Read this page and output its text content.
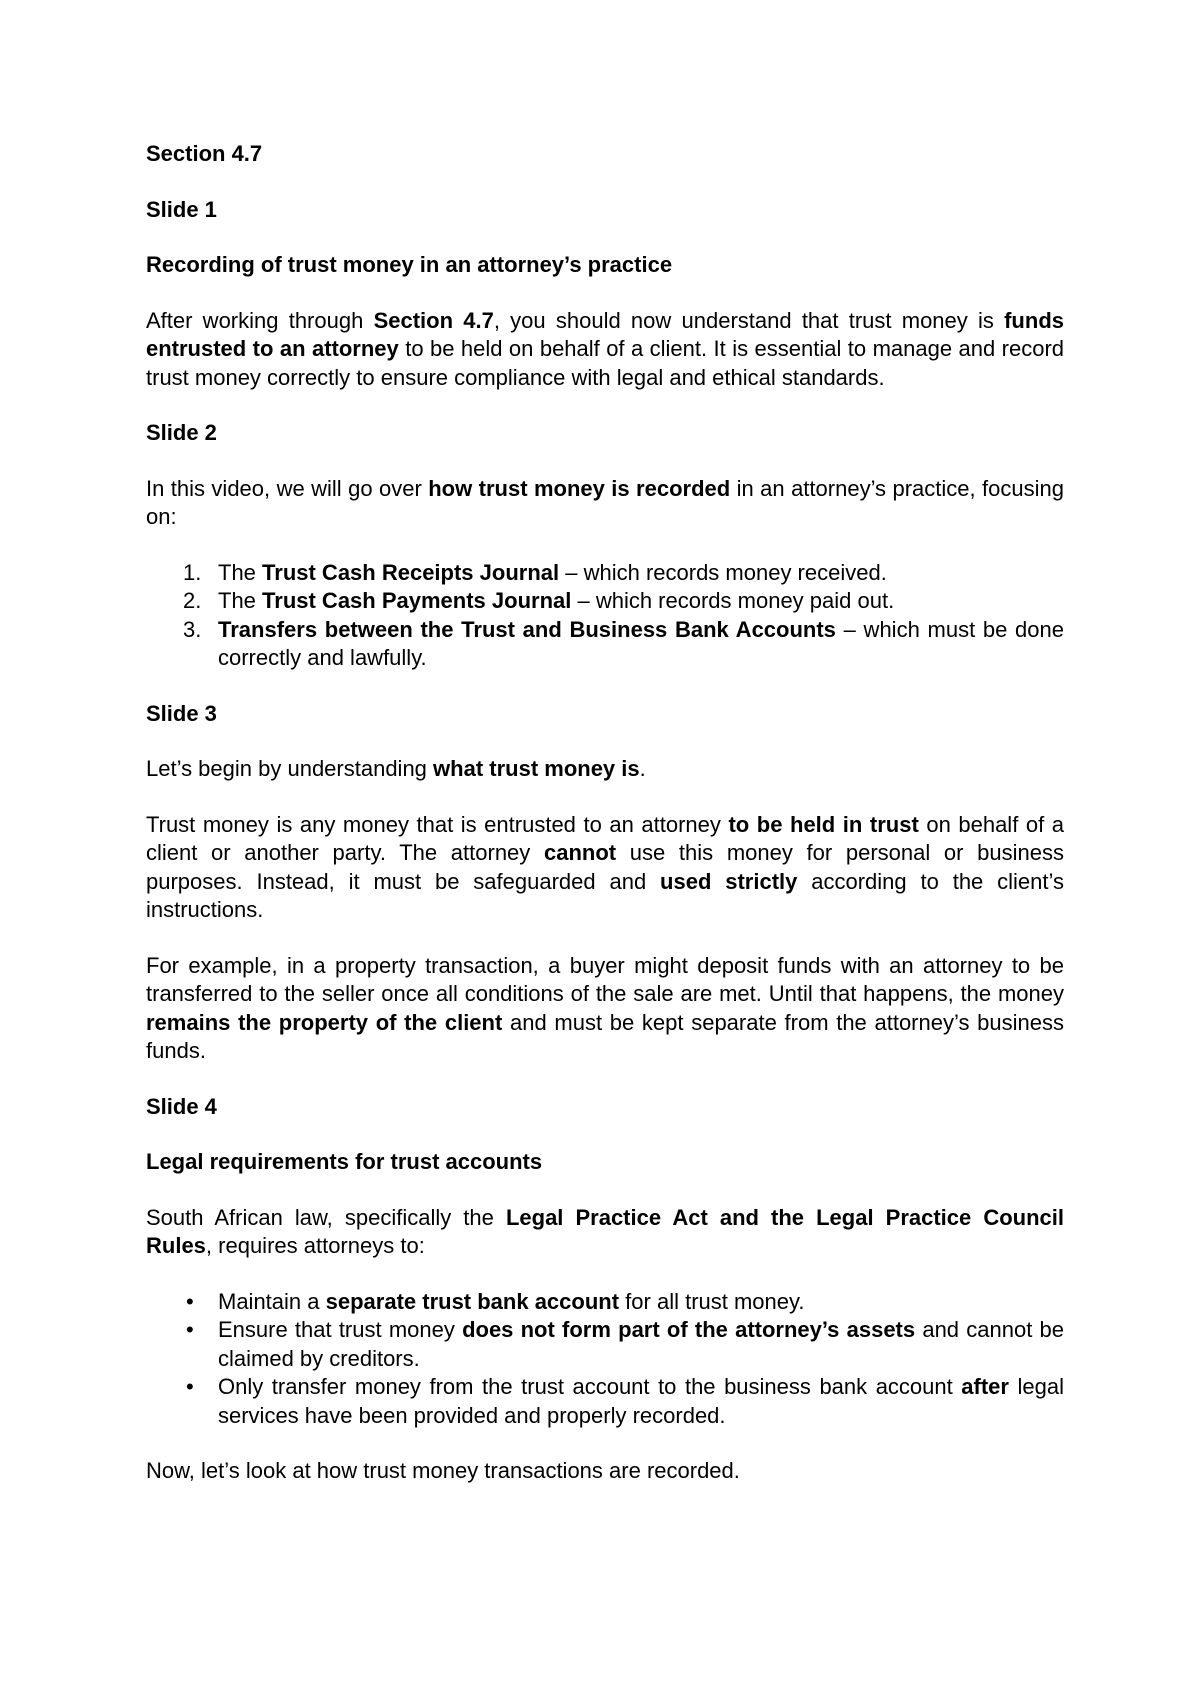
Section 4.7

Slide 1

Recording of trust money in an attorney’s practice

After working through Section 4.7, you should now understand that trust money is funds entrusted to an attorney to be held on behalf of a client. It is essential to manage and record trust money correctly to ensure compliance with legal and ethical standards.

Slide 2

In this video, we will go over how trust money is recorded in an attorney’s practice, focusing on:

1. The Trust Cash Receipts Journal – which records money received.
2. The Trust Cash Payments Journal – which records money paid out.
3. Transfers between the Trust and Business Bank Accounts – which must be done correctly and lawfully.

Slide 3

Let’s begin by understanding what trust money is.

Trust money is any money that is entrusted to an attorney to be held in trust on behalf of a client or another party. The attorney cannot use this money for personal or business purposes. Instead, it must be safeguarded and used strictly according to the client’s instructions.

For example, in a property transaction, a buyer might deposit funds with an attorney to be transferred to the seller once all conditions of the sale are met. Until that happens, the money remains the property of the client and must be kept separate from the attorney’s business funds.

Slide 4

Legal requirements for trust accounts

South African law, specifically the Legal Practice Act and the Legal Practice Council Rules, requires attorneys to:

• Maintain a separate trust bank account for all trust money.
• Ensure that trust money does not form part of the attorney’s assets and cannot be claimed by creditors.
• Only transfer money from the trust account to the business bank account after legal services have been provided and properly recorded.

Now, let’s look at how trust money transactions are recorded.
